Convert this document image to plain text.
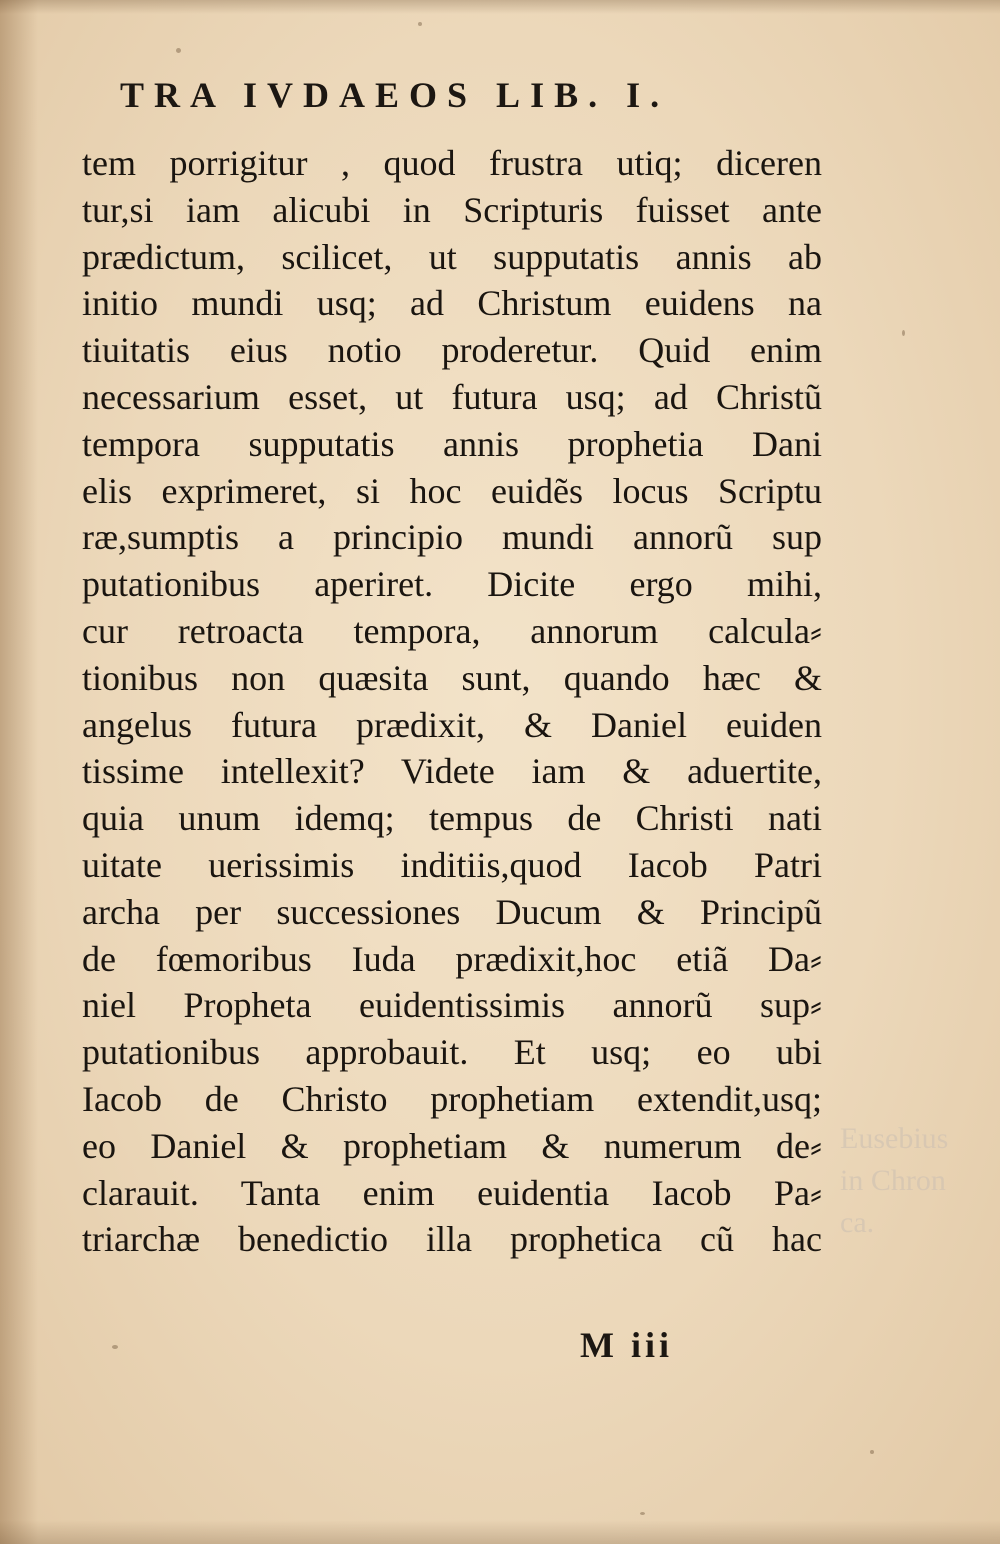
TRA IVDAEOS LIB. I.
tem porrigitur , quod frustra utiq; diceren
tur,si iam alicubi in Scripturis fuisset ante
prædictum, scilicet, ut supputatis annis ab
initio mundi usq; ad Christum euidens na
tiuitatis eius notio proderetur. Quid enim
necessarium esset, ut futura usq; ad Christũ
tempora supputatis annis prophetia Dani
elis exprimeret, si hoc euidẽs locus Scriptu
ræ,sumptis a principio mundi annorũ sup
putationibus aperiret. Dicite ergo mihi,
cur retroacta tempora, annorum calcula⸗
tionibus non quæsita sunt, quando hæc &
angelus futura prædixit, & Daniel euiden
tissime intellexit? Videte iam & aduertite,
quia unum idemq; tempus de Christi nati
uitate uerissimis inditiis,quod Iacob Patri
archa per successiones Ducum & Principũ
de fœmoribus Iuda prædixit,hoc etiã Da⸗
niel Propheta euidentissimis annorũ sup⸗
putationibus approbauit. Et usq; eo ubi
Iacob de Christo prophetiam extendit,usq;
eo Daniel & prophetiam & numerum de⸗
clarauit. Tanta enim euidentia Iacob Pa⸗
triarchæ benedictio illa prophetica cũ hac
Eusebius
in Chron
ca.
M iii
